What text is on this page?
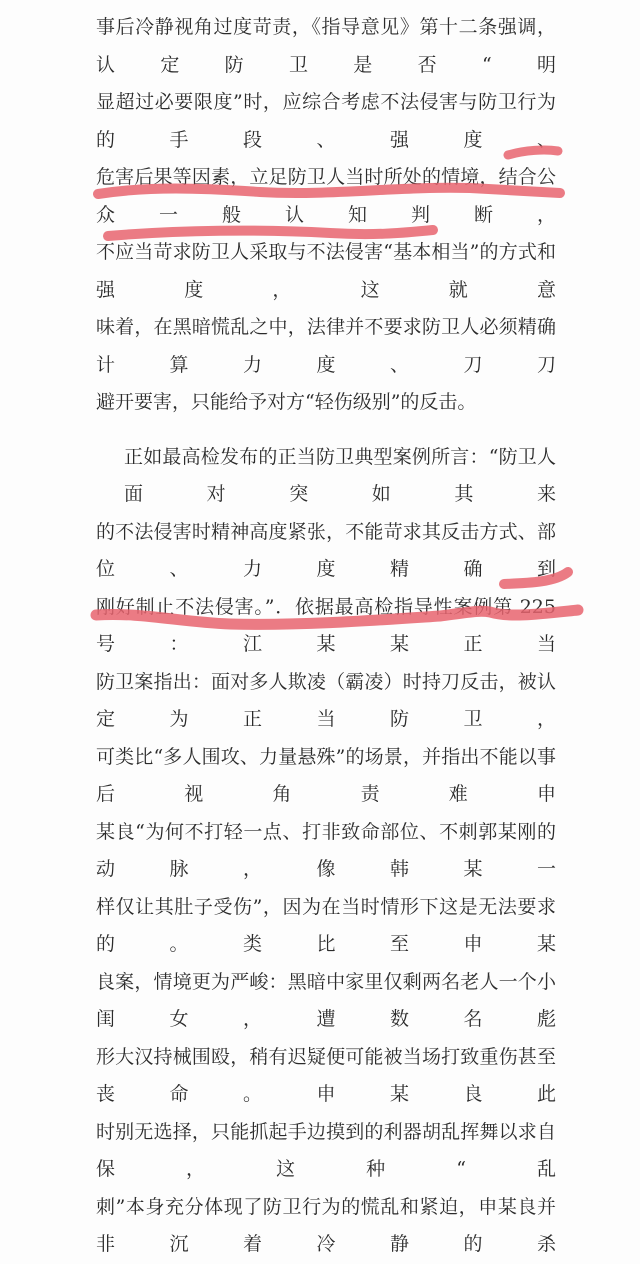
事后冷静视角过度苛责，《指导意见》第十二条强调，认定防卫是否“明
显超过必要限度”时，应综合考虑不法侵害与防卫行为的手段、强度、
危害后果等因素，立足防卫人当时所处的情境，结合公众一般认知判断，
不应当苛求防卫人采取与不法侵害“基本相当”的方式和强度，这就意
味着，在黑暗慌乱之中，法律并不要求防卫人必须精确计算力度、刀刀
避开要害，只能给予对方“轻伤级别”的反击。
正如最高检发布的正当防卫典型案例所言：“防卫人面对突如其来
的不法侵害时精神高度紧张，不能苛求其反击方式、部位、力度精确到
刚好制止不法侵害。”．依据最高检指导性案例第 225 号：江某某正当
防卫案指出：面对多人欺凌（霸凌）时持刀反击，被认定为正当防卫，
可类比“多人围攻、力量悬殊”的场景，并指出不能以事后视角责难申
某良“为何不打轻一点、打非致命部位、不刺郭某刚的动脉，像韩某一
样仅让其肚子受伤”，因为在当时情形下这是无法要求的。类比至申某
良案，情境更为严峻：黑暗中家里仅剩两名老人一个小闺女，遭数名彪
形大汉持械围殴，稍有迟疑便可能被当场打致重伤甚至丧命。申某良此
时别无选择，只能抓起手边摸到的利器胡乱挥舞以求自保，这种“乱
刺”本身充分体现了防卫行为的慌乱和紧迫，申某良并非沉着冷静的杀
